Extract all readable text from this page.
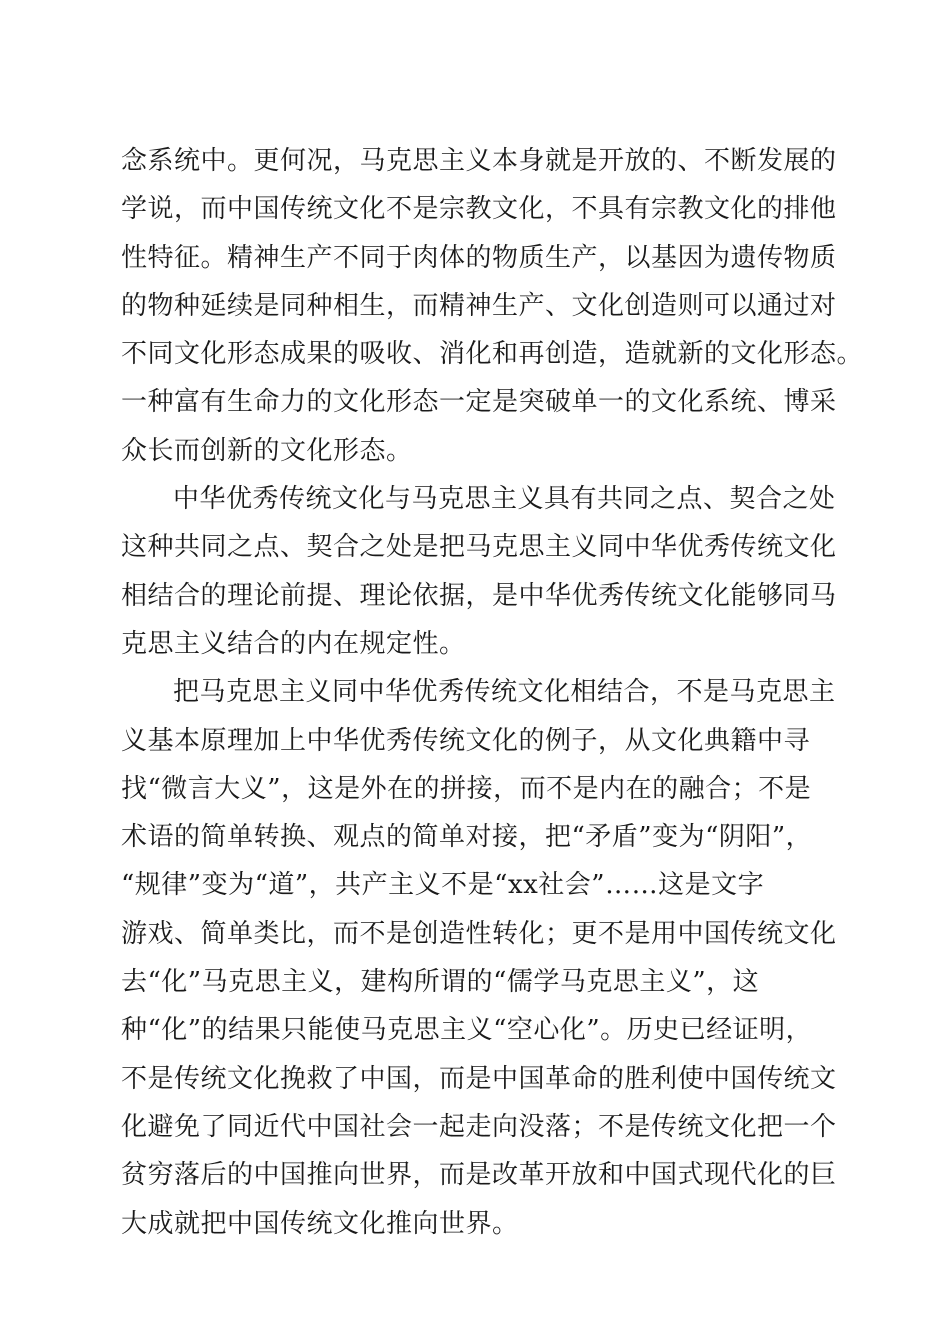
念系统中。更何况，马克思主义本身就是开放的、不断发展的
学说，而中国传统文化不是宗教文化，不具有宗教文化的排他
性特征。精神生产不同于肉体的物质生产，以基因为遗传物质
的物种延续是同种相生，而精神生产、文化创造则可以通过对
不同文化形态成果的吸收、消化和再创造，造就新的文化形态。
一种富有生命力的文化形态一定是突破单一的文化系统、博采
众长而创新的文化形态。
中华优秀传统文化与马克思主义具有共同之点、契合之处
这种共同之点、契合之处是把马克思主义同中华优秀传统文化
相结合的理论前提、理论依据，是中华优秀传统文化能够同马
克思主义结合的内在规定性。
把马克思主义同中华优秀传统文化相结合，不是马克思主
义基本原理加上中华优秀传统文化的例子，从文化典籍中寻
找“微言大义”，这是外在的拼接，而不是内在的融合；不是
术语的简单转换、观点的简单对接，把“矛盾”变为“阴阳”，
“规律”变为“道”，共产主义不是“xx社会”……这是文字
游戏、简单类比，而不是创造性转化；更不是用中国传统文化
去“化”马克思主义，建构所谓的“儒学马克思主义”，这
种“化”的结果只能使马克思主义“空心化”。历史已经证明，
不是传统文化挽救了中国，而是中国革命的胜利使中国传统文
化避免了同近代中国社会一起走向没落；不是传统文化把一个
贫穷落后的中国推向世界，而是改革开放和中国式现代化的巨
大成就把中国传统文化推向世界。
